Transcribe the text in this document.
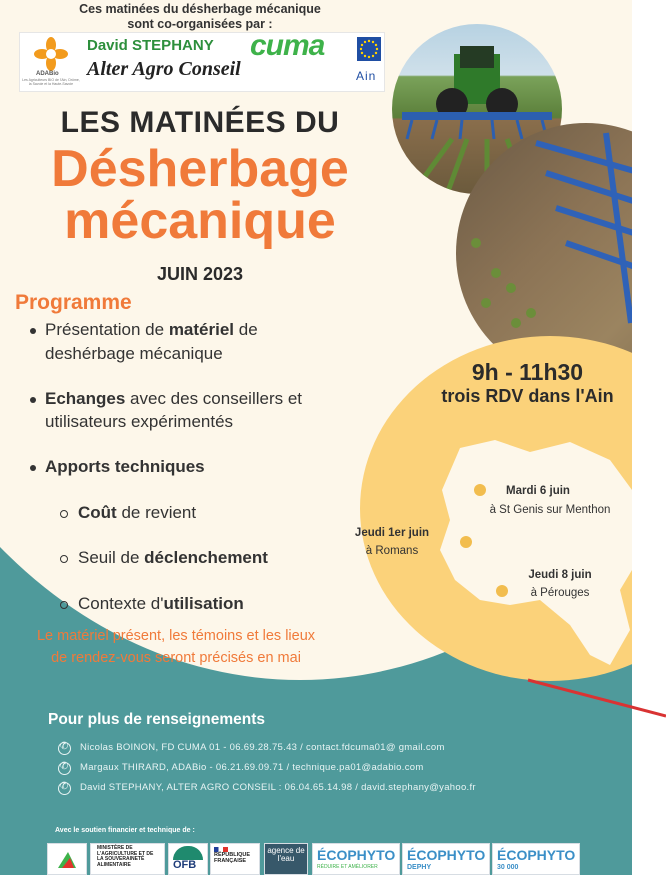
Ces matinées du désherbage mécanique
sont co-organisées par :
ADABio
Les Agriculteurs BIO de l'Ain, Drôme, la Savoie et la Haute-Savoie
David STEPHANY
Alter Agro Conseil
cuma
Ain
LES MATINÉES DU
Désherbage
mécanique
JUIN 2023
Programme
Présentation de matériel de
deshérbage mécanique
Echanges avec des conseillers et
utilisateurs expérimentés
Apports techniques
Coût de revient
Seuil de déclenchement
Contexte d'utilisation
Le matériel présent, les témoins et les lieux
de rendez-vous seront précisés en mai
9h - 11h30
trois RDV dans l'Ain
Mardi 6 juin
à St Genis sur Menthon
Jeudi 1er juin
à Romans
Jeudi 8 juin
à Pérouges
Pour plus de renseignements
✆
Nicolas BOINON, FD CUMA 01 - 06.69.28.75.43 / contact.fdcuma01@ gmail.com
✆
Margaux THIRARD, ADABio - 06.21.69.09.71 / technique.pa01@adabio.com
✆
David STEPHANY, ALTER AGRO CONSEIL : 06.04.65.14.98 / david.stephany@yahoo.fr
Avec le soutien financier et technique de :
MINISTÈRE DE L'AGRICULTURE ET DE LA SOUVERAINETÉ ALIMENTAIRE	OFB
RÉPUBLIQUE FRANÇAISE
agence de l'eau	ÉCOPHYTO
RÉDUIRE ET AMÉLIORER
ÉCOPHYTO
DEPHY
ÉCOPHYTO
30 000
